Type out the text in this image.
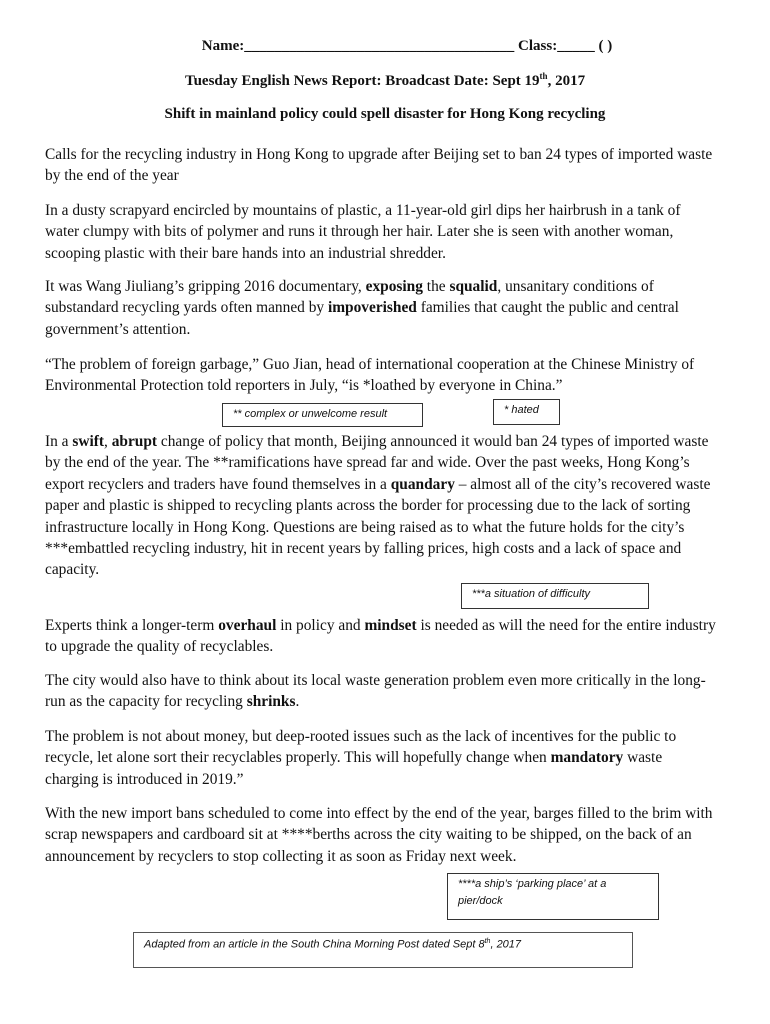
Name:____________________________________ Class:_____ ( )
Tuesday English News Report: Broadcast Date: Sept 19th, 2017
Shift in mainland policy could spell disaster for Hong Kong recycling

Calls for the recycling industry in Hong Kong to upgrade after Beijing set to ban 24 types of imported waste by the end of the year

In a dusty scrapyard encircled by mountains of plastic, a 11-year-old girl dips her hairbrush in a tank of water clumpy with bits of polymer and runs it through her hair. Later she is seen with another woman, scooping plastic with their bare hands into an industrial shredder.

It was Wang Jiuliang’s gripping 2016 documentary, exposing the squalid, unsanitary conditions of substandard recycling yards often manned by impoverished families that caught the public and central government’s attention.

“The problem of foreign garbage,” Guo Jian, head of international cooperation at the Chinese Ministry of Environmental Protection told reporters in July, “is *loathed by everyone in China.”

In a swift, abrupt change of policy that month, Beijing announced it would ban 24 types of imported waste by the end of the year. The **ramifications have spread far and wide. Over the past weeks, Hong Kong’s export recyclers and traders have found themselves in a quandary – almost all of the city’s recovered waste paper and plastic is shipped to recycling plants across the border for processing due to the lack of sorting infrastructure locally in Hong Kong. Questions are being raised as to what the future holds for the city’s ***embattled recycling industry, hit in recent years by falling prices, high costs and a lack of space and capacity.

Experts think a longer-term overhaul in policy and mindset is needed as will the need for the entire industry to upgrade the quality of recyclables.

The city would also have to think about its local waste generation problem even more critically in the long-run as the capacity for recycling shrinks.

The problem is not about money, but deep-rooted issues such as the lack of incentives for the public to recycle, let alone sort their recyclables properly. This will hopefully change when mandatory waste charging is introduced in 2019.”

With the new import bans scheduled to come into effect by the end of the year, barges filled to the brim with scrap newspapers and cardboard sit at ****berths across the city waiting to be shipped, on the back of an announcement by recyclers to stop collecting it as soon as Friday next week.

** complex or unwelcome result	* hated
***a situation of difficulty
****a ship’s ‘parking place’ at a pier/dock
Adapted from an article in the South China Morning Post dated Sept 8th, 2017
